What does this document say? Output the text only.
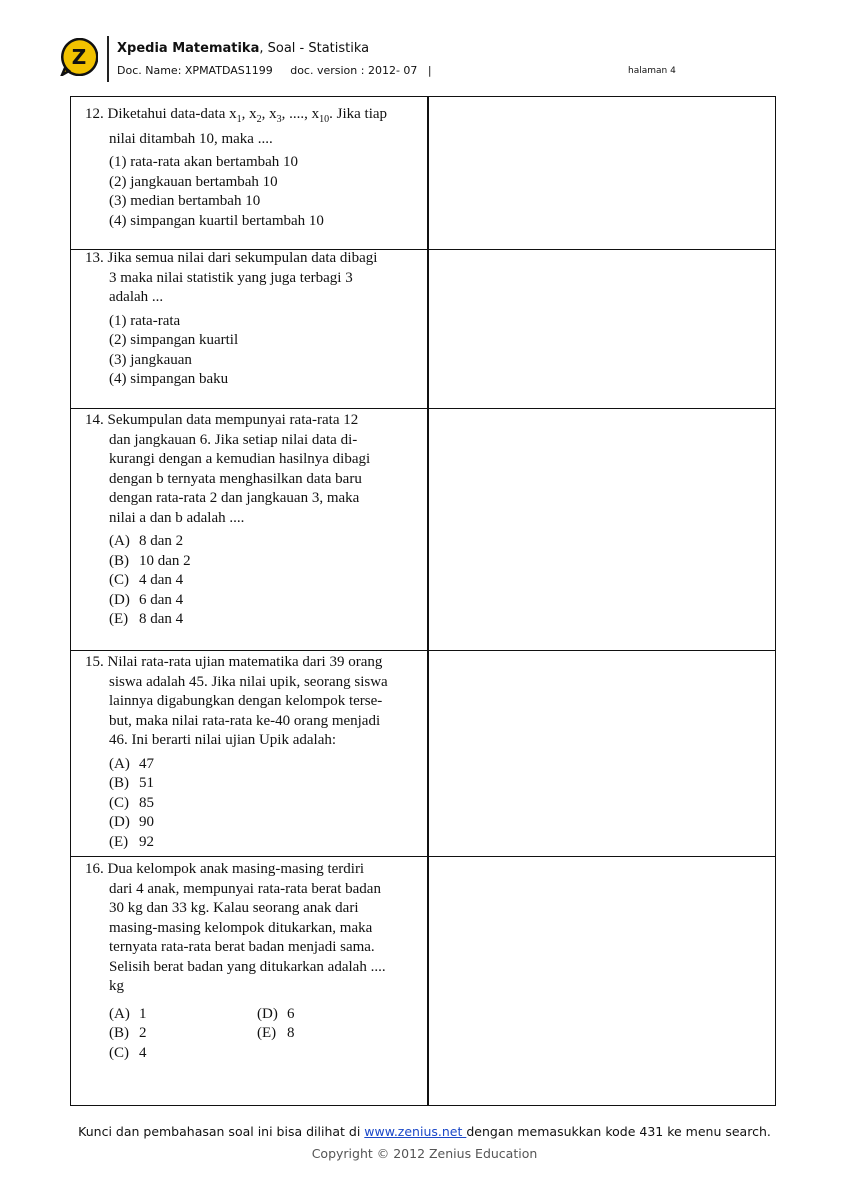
Z Xpedia Matematika, Soal - Statistika
Doc. Name: XPMATDAS1199 doc. version : 2012- 07   |	halaman 4
12. Diketahui data-data $x_1$, $x_2$, $x_3$, ...., $x_{10}$. Jika tiap
nilai ditambah 10, maka ....
(1) rata-rata akan bertambah 10
(2) jangkauan bertambah 10
(3) median bertambah 10
(4) simpangan kuartil bertambah 10
13. Jika semua nilai dari sekumpulan data dibagi
3 maka nilai statistik yang juga terbagi 3
adalah ...
(1) rata-rata
(2) simpangan kuartil
(3) jangkauan
(4) simpangan baku
14. Sekumpulan data mempunyai rata-rata 12
dan jangkauan 6. Jika setiap nilai data di-
kurangi dengan a kemudian hasilnya dibagi
dengan b ternyata menghasilkan data baru
dengan rata-rata 2 dan jangkauan 3, maka
nilai a dan b adalah ....
(A) 8 dan 2
(B) 10 dan 2
(C) 4 dan 4
(D) 6 dan 4
(E) 8 dan 4
15. Nilai rata-rata ujian matematika dari 39 orang
siswa adalah 45. Jika nilai upik, seorang siswa
lainnya digabungkan dengan kelompok terse-
but, maka nilai rata-rata ke-40 orang menjadi
46. Ini berarti nilai ujian Upik adalah:
(A) 47
(B) 51
(C) 85
(D) 90
(E) 92
16. Dua kelompok anak masing-masing terdiri
dari 4 anak, mempunyai rata-rata berat badan
30 kg dan 33 kg. Kalau seorang anak dari
masing-masing kelompok ditukarkan, maka
ternyata rata-rata berat badan menjadi sama.
Selisih berat badan yang ditukarkan adalah ....
kg
(A) 1	(D) 6
(B) 2	(E) 8
(C) 4
Kunci dan pembahasan soal ini bisa dilihat di www.zenius.net dengan memasukkan kode 431 ke menu search.
Copyright © 2012 Zenius Education
